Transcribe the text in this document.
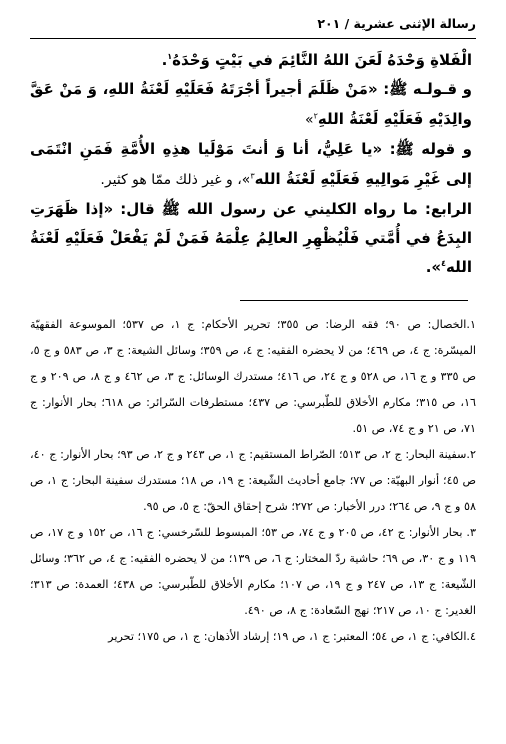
رسالة الإثنى عشرية / ٢٠١

الْفَلاةِ وَحْدَهُ لَعَنَ اللهُ النَّائِمَ في بَيْتٍ وَحْدَهُ$^١$.

و قـولـه ﷺ: «مَنْ ظَلَمَ أجيراً أجْرَتَهُ فَعَلَيْهِ لَعْنَةُ اللهِ، وَ مَنْ عَقَّ والِدَيْهِ فَعَلَيْهِ لَعْنَةُ اللهِ$^٢$»

و قوله ﷺ: «يا عَلِيُّ، أنا وَ أنتَ مَوْلَيا هذِهِ الأُمَّةِ فَمَنِ انْتَمَى إلى غَيْرِ مَوالِيهِ فَعَلَيْهِ لَعْنَةُ الله$^٣$»، و غير ذلك ممّا هو كثير.

الرابع: ما رواه الكليني عن رسول الله ﷺ قال: «إذا ظَهَرَتِ البِدَعُ في أُمَّتي فَلْيُظْهِرِ العالِمُ عِلْمَهُ فَمَنْ لَمْ يَفْعَلْ فَعَلَيْهِ لَعْنَةُ الله$^٤$».

١.الخصال: ص ٩٠؛ فقه الرضا: ص ٣٥٥؛ تحرير الأحكام: ج ١، ص ٥٣٧؛ الموسوعة الفقهيّة الميسّرة: ج ٤، ص ٤٦٩؛ من لا يحضره الفقيه: ج ٤، ص ٣٥٩؛ وسائل الشيعة: ج ٣، ص ٥٨٣ و ج ٥، ص ٣٣٥ و ج ١٦، ص ٥٢٨ و ج ٢٤، ص ٤١٦؛ مستدرك الوسائل: ج ٣، ص ٤٦٢ و ج ٨، ص ٢٠٩ و ج ١٦، ص ٣١٥؛ مكارم الأخلاق للطّبرسي: ص ٤٣٧؛ مستطرفات السّرائر: ص ٦١٨؛ بحار الأنوار: ج ٧١، ص ٢١ و ج ٧٤، ص ٥١.

٢.سفينة البحار: ج ٢، ص ٥١٣؛ الصّراط المستقيم: ج ١، ص ٢٤٣ و ج ٢، ص ٩٣؛ بحار الأنوار: ج ٤٠، ص ٤٥؛ أنوار البهيّة: ص ٧٧؛ جامع أحاديث الشّيعة: ج ١٩، ص ١٨؛ مستدرك سفينة البحار: ج ١، ص ٥٨ و ج ٩، ص ٢٦٤؛ درر الأخبار: ص ٢٧٢؛ شرح إحقاق الحقّ: ج ٥، ص ٩٥.

٣. بحار الأنوار: ج ٤٢، ص ٢٠٥ و ج ٧٤، ص ٥٣؛ المبسوط للسّرخسي: ج ١٦، ص ١٥٢ و ج ١٧، ص ١١٩ و ج ٣٠، ص ٦٩؛ حاشية ردّ المختار: ج ٦، ص ١٣٩؛ من لا يحضره الفقيه: ج ٤، ص ٣٦٢؛ وسائل الشّيعة: ج ١٣، ص ٢٤٧ و ج ١٩، ص ١٠٧؛ مكارم الأخلاق للطّبرسي: ص ٤٣٨؛ العمدة: ص ٣١٣؛ الغدير: ج ١٠، ص ٢١٧؛ نهج السّعادة: ج ٨، ص ٤٩٠.

٤.الكافي: ج ١، ص ٥٤؛ المعتبر: ج ١، ص ١٩؛ إرشاد الأذهان: ج ١، ص ١٧٥؛ تحرير
